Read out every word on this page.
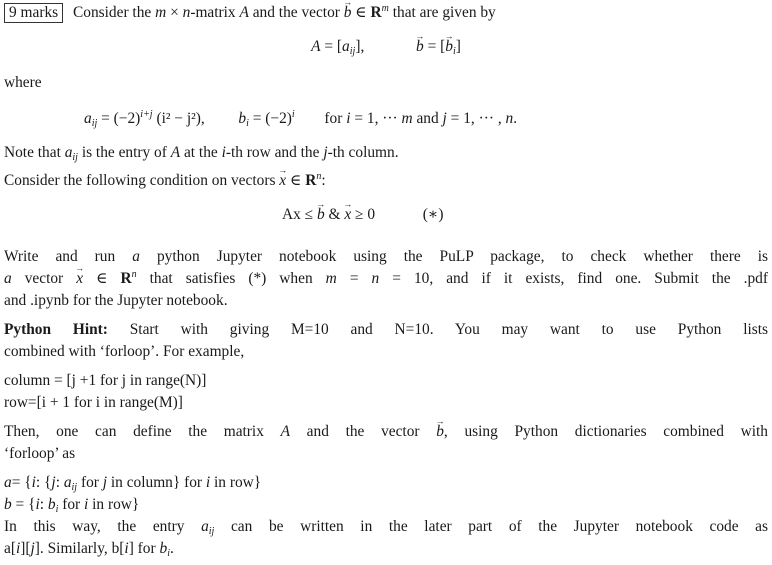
9 marks Consider the m × n-matrix A and the vector b → ∈ $R^m$ that are given by
$A = [a_{ij}]$,	b → = $[b \to_i]$
where
$a_{ij} = (-2)^{i+j}$ (i² − j²), $b_i = (-2)^i$ for i = 1, ··· m and j = 1, ··· , n.
Note that $a_{ij}$ is the entry of A at the i-th row and the j-th column.
Consider the following condition on vectors x → ∈ $R^n$:
Ax ≤ b → & x → ≥ 0	(∗)
Write and run a python Jupyter notebook using the PuLP package, to check whether there is
a vector x → ∈ $R^n$ that satisfies (*) when m = n = 10, and if it exists, find one. Submit the .pdf
and .ipynb for the Jupyter notebook.
Python Hint: Start with giving M=10 and N=10. You may want to use Python lists
combined with ‘forloop’. For example,
column = [j +1 for j in range(N)]
row=[i + 1 for i in range(M)]
Then, one can define the matrix A and the vector b →, using Python dictionaries combined with
‘forloop’ as
a= {i: {j: $a_{ij}$ for j in column} for i in row}
b = {i: $b_i$ for i in row}
In this way, the entry $a_{ij}$ can be written in the later part of the Jupyter notebook code as
a[i][j]. Similarly, b[i] for $b_i$.
